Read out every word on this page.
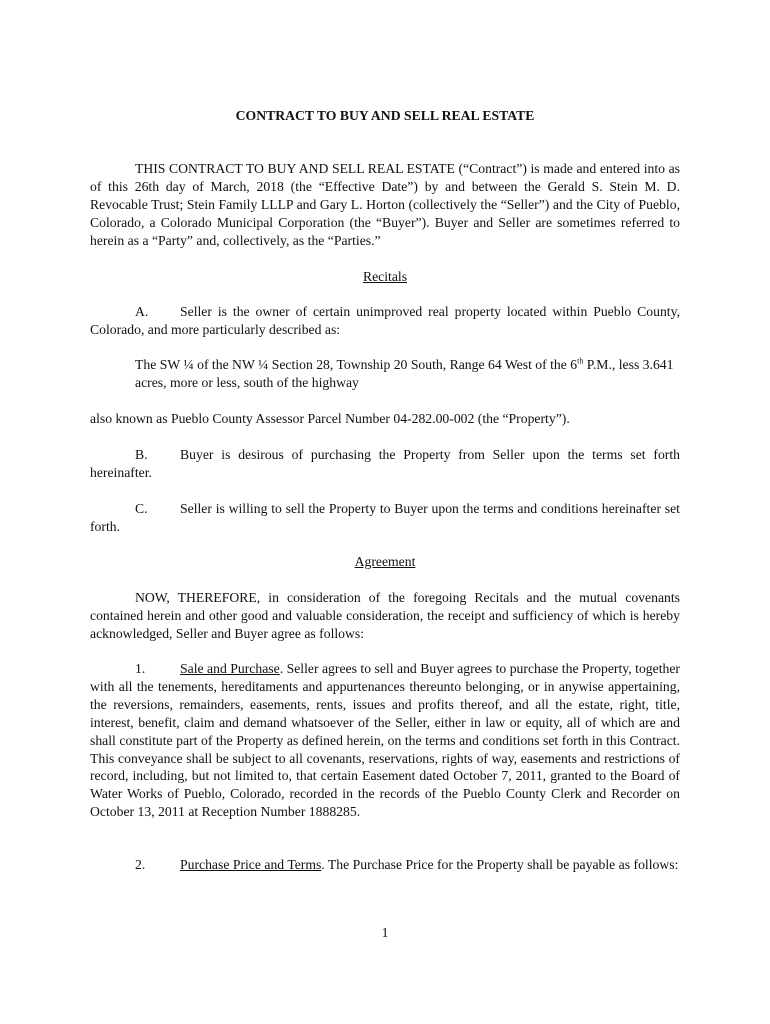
CONTRACT TO BUY AND SELL REAL ESTATE

THIS CONTRACT TO BUY AND SELL REAL ESTATE (“Contract”) is made and entered into as of this 26th day of March, 2018 (the “Effective Date”) by and between the Gerald S. Stein M. D. Revocable Trust; Stein Family LLLP and Gary L. Horton (collectively the “Seller”) and the City of Pueblo, Colorado, a Colorado Municipal Corporation (the “Buyer”). Buyer and Seller are sometimes referred to herein as a “Party” and, collectively, as the “Parties.”

Recitals

A. Seller is the owner of certain unimproved real property located within Pueblo County, Colorado, and more particularly described as:

The SW ¼ of the NW ¼ Section 28, Township 20 South, Range 64 West of the 6th P.M., less 3.641 acres, more or less, south of the highway

also known as Pueblo County Assessor Parcel Number 04-282.00-002 (the “Property”).

B. Buyer is desirous of purchasing the Property from Seller upon the terms set forth hereinafter.

C. Seller is willing to sell the Property to Buyer upon the terms and conditions hereinafter set forth.

Agreement

NOW, THEREFORE, in consideration of the foregoing Recitals and the mutual covenants contained herein and other good and valuable consideration, the receipt and sufficiency of which is hereby acknowledged, Seller and Buyer agree as follows:

1.	Sale and Purchase. Seller agrees to sell and Buyer agrees to purchase the Property, together with all the tenements, hereditaments and appurtenances thereunto belonging, or in anywise appertaining, the reversions, remainders, easements, rents, issues and profits thereof, and all the estate, right, title, interest, benefit, claim and demand whatsoever of the Seller, either in law or equity, all of which are and shall constitute part of the Property as defined herein, on the terms and conditions set forth in this Contract. This conveyance shall be subject to all covenants, reservations, rights of way, easements and restrictions of record, including, but not limited to, that certain Easement dated October 7, 2011, granted to the Board of Water Works of Pueblo, Colorado, recorded in the records of the Pueblo County Clerk and Recorder on October 13, 2011 at Reception Number 1888285.

2.	Purchase Price and Terms. The Purchase Price for the Property shall be payable as follows:

1
